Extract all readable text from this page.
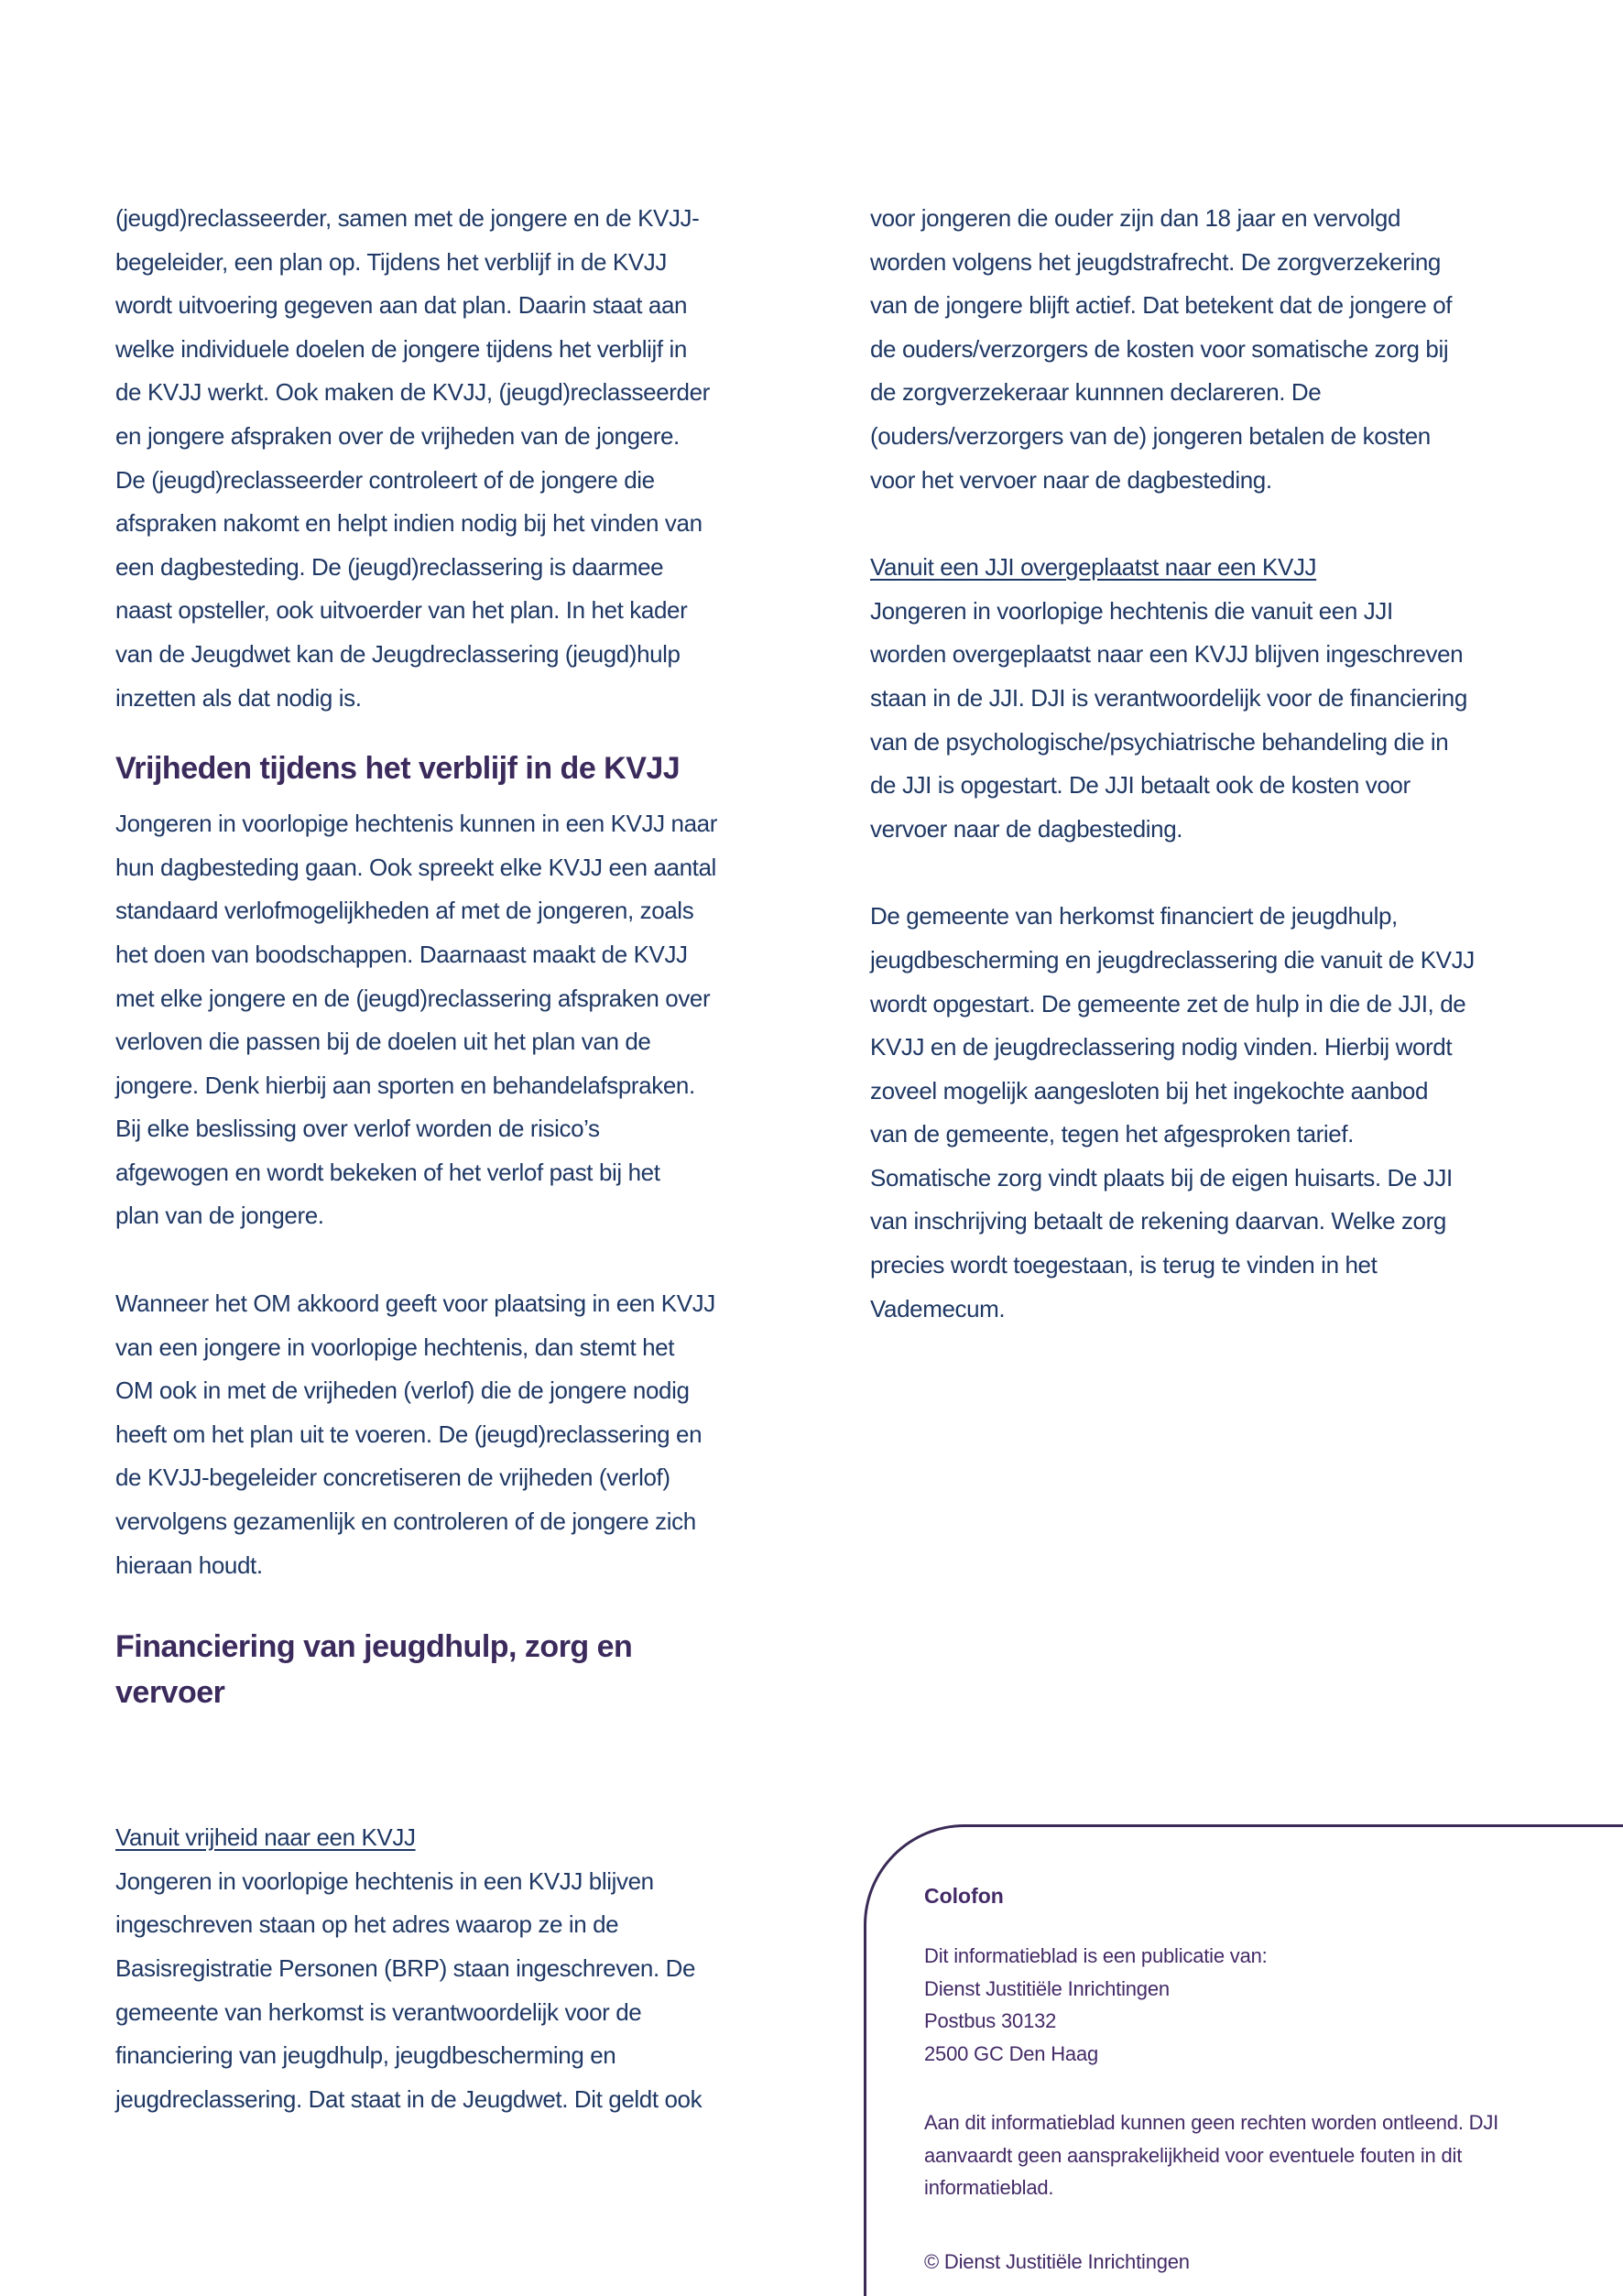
(jeugd)reclasseerder, samen met de jongere en de KVJJ-
begeleider, een plan op. Tijdens het verblijf in de KVJJ
wordt uitvoering gegeven aan dat plan. Daarin staat aan
welke individuele doelen de jongere tijdens het verblijf in
de KVJJ werkt. Ook maken de KVJJ, (jeugd)reclasseerder
en jongere afspraken over de vrijheden van de jongere.
De (jeugd)reclasseerder controleert of de jongere die
afspraken nakomt en helpt indien nodig bij het vinden van
een dagbesteding. De (jeugd)reclassering is daarmee
naast opsteller, ook uitvoerder van het plan. In het kader
van de Jeugdwet kan de Jeugdreclassering (jeugd)hulp
inzetten als dat nodig is.
Vrijheden tijdens het verblijf in de KVJJ
Jongeren in voorlopige hechtenis kunnen in een KVJJ naar
hun dagbesteding gaan. Ook spreekt elke KVJJ een aantal
standaard verlofmogelijkheden af met de jongeren, zoals
het doen van boodschappen. Daarnaast maakt de KVJJ
met elke jongere en de (jeugd)reclassering afspraken over
verloven die passen bij de doelen uit het plan van de
jongere. Denk hierbij aan sporten en behandelafspraken.
Bij elke beslissing over verlof worden de risico’s
afgewogen en wordt bekeken of het verlof past bij het
plan van de jongere.
Wanneer het OM akkoord geeft voor plaatsing in een KVJJ
van een jongere in voorlopige hechtenis, dan stemt het
OM ook in met de vrijheden (verlof) die de jongere nodig
heeft om het plan uit te voeren. De (jeugd)reclassering en
de KVJJ-begeleider concretiseren de vrijheden (verlof)
vervolgens gezamenlijk en controleren of de jongere zich
hieraan houdt.
Financiering van jeugdhulp, zorg en
vervoer
Vanuit vrijheid naar een KVJJ
Jongeren in voorlopige hechtenis in een KVJJ blijven
ingeschreven staan op het adres waarop ze in de
Basisregistratie Personen (BRP) staan ingeschreven. De
gemeente van herkomst is verantwoordelijk voor de
financiering van jeugdhulp, jeugdbescherming en
jeugdreclassering. Dat staat in de Jeugdwet. Dit geldt ook
voor jongeren die ouder zijn dan 18 jaar en vervolgd
worden volgens het jeugdstrafrecht. De zorgverzekering
van de jongere blijft actief. Dat betekent dat de jongere of
de ouders/verzorgers de kosten voor somatische zorg bij
de zorgverzekeraar kunnnen declareren. De
(ouders/verzorgers van de) jongeren betalen de kosten
voor het vervoer naar de dagbesteding.
Vanuit een JJI overgeplaatst naar een KVJJ
Jongeren in voorlopige hechtenis die vanuit een JJI
worden overgeplaatst naar een KVJJ blijven ingeschreven
staan in de JJI. DJI is verantwoordelijk voor de financiering
van de psychologische/psychiatrische behandeling die in
de JJI is opgestart. De JJI betaalt ook de kosten voor
vervoer naar de dagbesteding.
De gemeente van herkomst financiert de jeugdhulp,
jeugdbescherming en jeugdreclassering die vanuit de KVJJ
wordt opgestart. De gemeente zet de hulp in die de JJI, de
KVJJ en de jeugdreclassering nodig vinden. Hierbij wordt
zoveel mogelijk aangesloten bij het ingekochte aanbod
van de gemeente, tegen het afgesproken tarief.
Somatische zorg vindt plaats bij de eigen huisarts. De JJI
van inschrijving betaalt de rekening daarvan. Welke zorg
precies wordt toegestaan, is terug te vinden in het
Vademecum.
Colofon
Dit informatieblad is een publicatie van:
Dienst Justitiële Inrichtingen
Postbus 30132
2500 GC Den Haag
Aan dit informatieblad kunnen geen rechten worden ontleend. DJI
aanvaardt geen aansprakelijkheid voor eventuele fouten in dit
informatieblad.
© Dienst Justitiële Inrichtingen
